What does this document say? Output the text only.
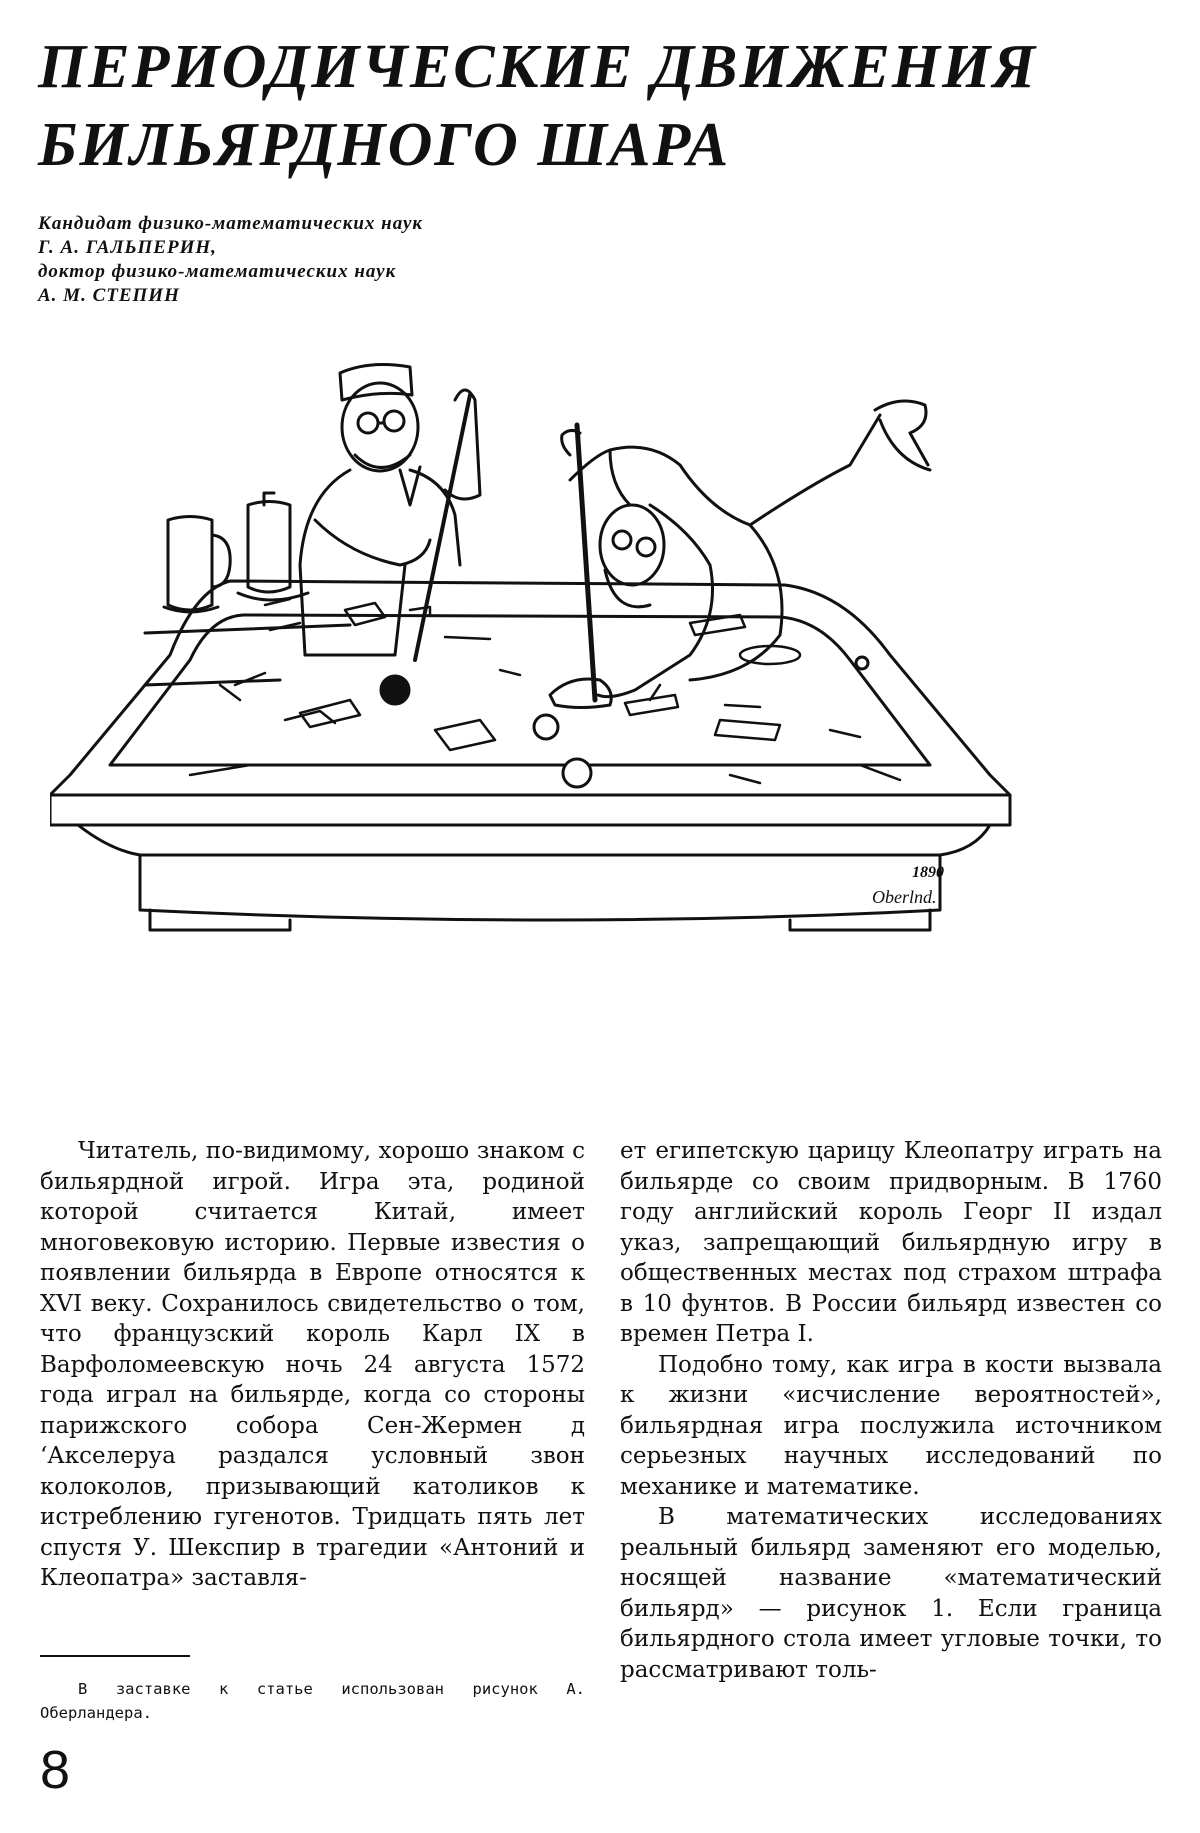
ПЕРИОДИЧЕСКИЕ ДВИЖЕНИЯ
БИЛЬЯРДНОГО ШАРА
Кандидат физико-математических наук
Г. А. ГАЛЬПЕРИН,
доктор физико-математических наук
А. М. СТЕПИН
1890
Oberlnd.

Читатель, по-видимому, хорошо знаком с бильярдной игрой. Игра эта, родиной которой считается Китай, имеет многовековую историю. Первые известия о появлении бильярда в Европе относятся к XVI веку. Сохранилось свидетельство о том, что французский король Карл IX в Варфоломеевскую ночь 24 августа 1572 года играл на бильярде, когда со стороны парижского собора Сен-Жермен д ‘Акселеруа раздался условный звон колоколов, призывающий католиков к истреблению гугенотов. Тридцать пять лет спустя У. Шекспир в трагедии «Антоний и Клеопатра» заставля-

ет египетскую царицу Клеопатру играть на бильярде со своим придворным. В 1760 году английский король Георг II издал указ, запрещающий бильярдную игру в общественных местах под страхом штрафа в 10 фунтов. В России бильярд известен со времен Петра I.

Подобно тому, как игра в кости вызвала к жизни «исчисление вероятностей», бильярдная игра послужила источником серьезных научных исследований по механике и математике.

В математических исследованиях реальный бильярд заменяют его моделью, носящей название «математический бильярд» — рисунок 1. Если граница бильярдного стола имеет угловые точки, то рассматривают толь-

В заставке к статье использован рисунок А. Оберландера.
8
